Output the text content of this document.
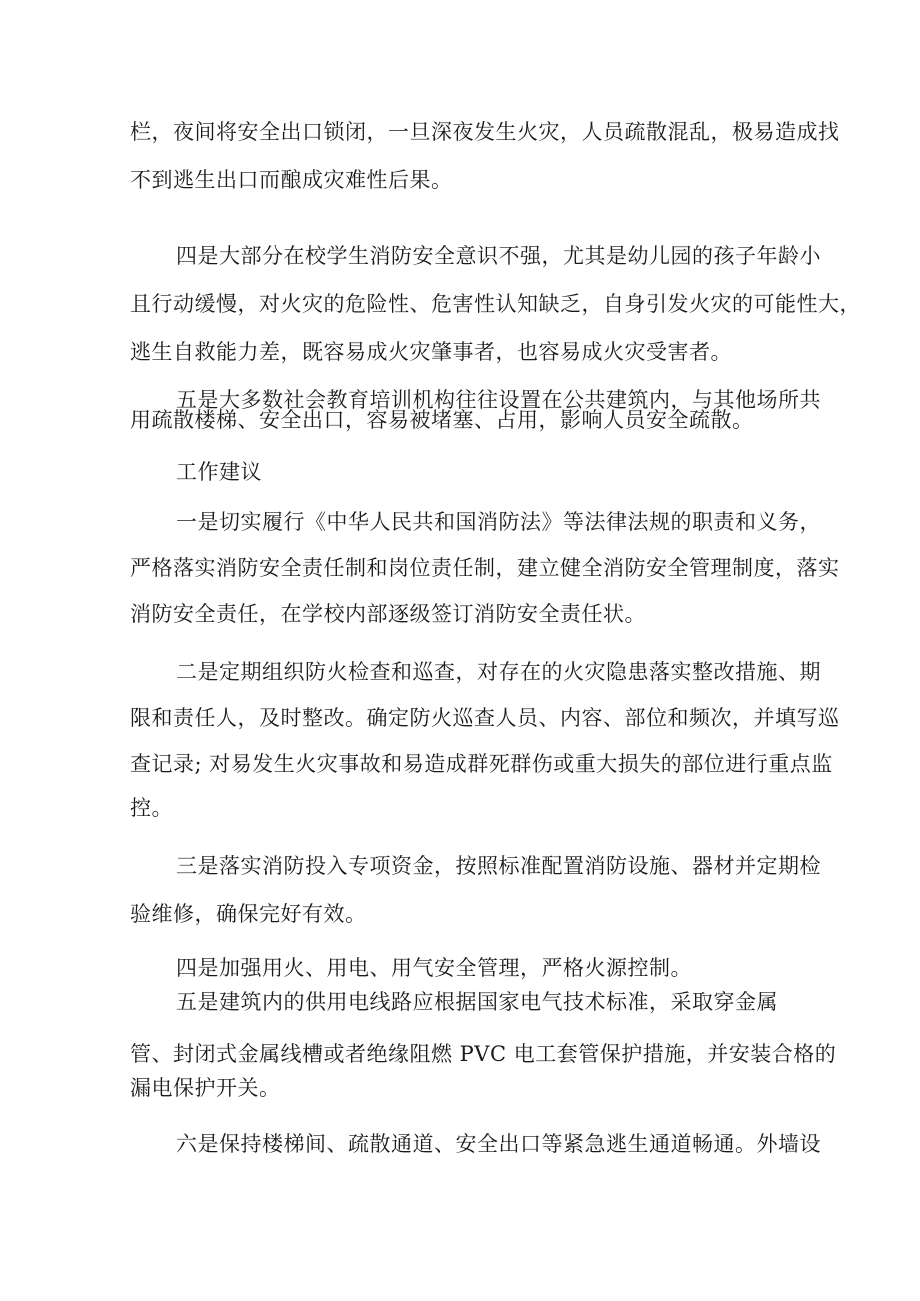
栏，夜间将安全出口锁闭，一旦深夜发生火灾，人员疏散混乱，极易造成找
不到逃生出口而酿成灾难性后果。
四是大部分在校学生消防安全意识不强，尤其是幼儿园的孩子年龄小
且行动缓慢，对火灾的危险性、危害性认知缺乏，自身引发火灾的可能性大，
逃生自救能力差，既容易成火灾肇事者，也容易成火灾受害者。
五是大多数社会教育培训机构往往设置在公共建筑内，与其他场所共
用疏散楼梯、安全出口，容易被堵塞、占用，影响人员安全疏散。
工作建议
一是切实履行《中华人民共和国消防法》等法律法规的职责和义务，
严格落实消防安全责任制和岗位责任制，建立健全消防安全管理制度，落实
消防安全责任，在学校内部逐级签订消防安全责任状。
二是定期组织防火检查和巡查，对存在的火灾隐患落实整改措施、期
限和责任人，及时整改。确定防火巡查人员、内容、部位和频次，并填写巡
查记录; 对易发生火灾事故和易造成群死群伤或重大损失的部位进行重点监
控。
三是落实消防投入专项资金，按照标准配置消防设施、器材并定期检
验维修，确保完好有效。
四是加强用火、用电、用气安全管理，严格火源控制。
五是建筑内的供用电线路应根据国家电气技术标准，采取穿金属
管、封闭式金属线槽或者绝缘阻燃 PVC 电工套管保护措施，并安装合格的
漏电保护开关。
六是保持楼梯间、疏散通道、安全出口等紧急逃生通道畅通。外墙设
